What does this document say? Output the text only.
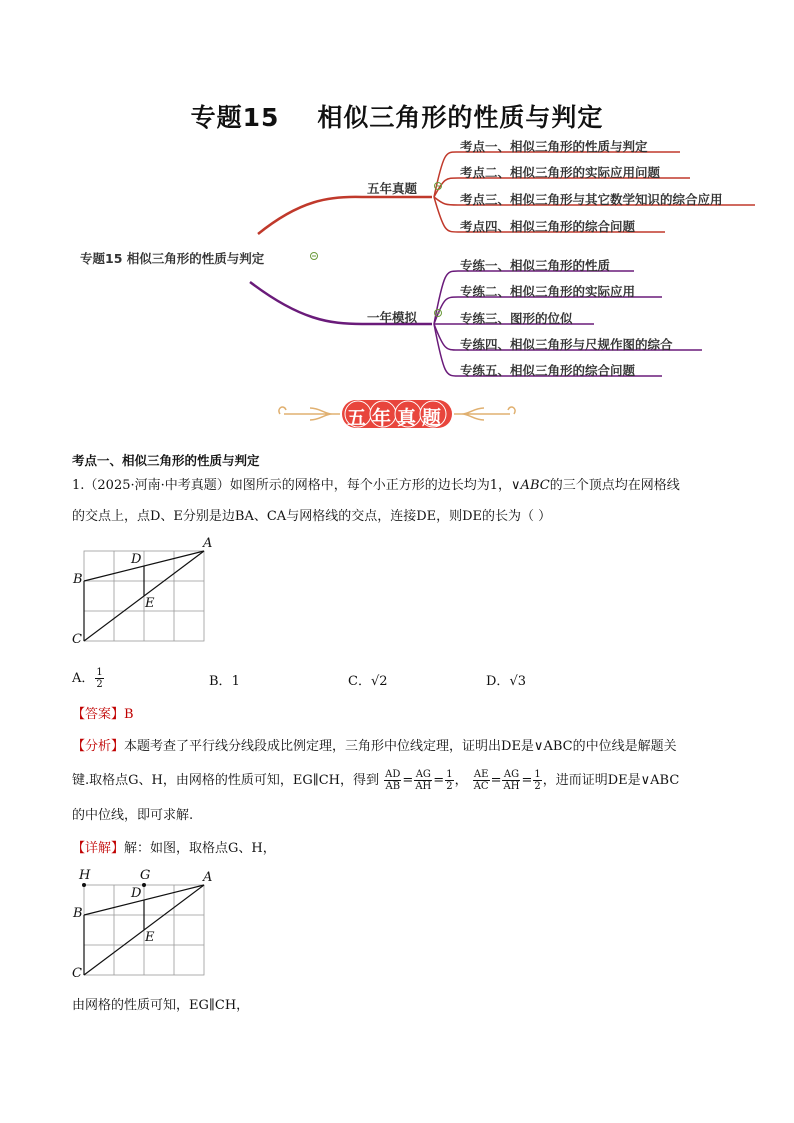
专题15 相似三角形的性质与判定
专题15 相似三角形的性质与判定
五年真题
一年模拟
考点一、相似三角形的性质与判定
考点二、相似三角形的实际应用问题
考点三、相似三角形与其它数学知识的综合应用
考点四、相似三角形的综合问题
专练一、相似三角形的性质
专练二、相似三角形的实际应用
专练三、图形的位似
专练四、相似三角形与尺规作图的综合
专练五、相似三角形的综合问题
五年真题
考点一、相似三角形的性质与判定
1.（2025·河南·中考真题）如图所示的网格中，每个小正方形的边长均为1，∨ABC的三个顶点均在网格线
的交点上，点D、E分别是边BA、CA与网格线的交点，连接DE，则DE的长为（ ）
A
B
C
D
E
A． $\frac{1}{2}$	B．1	C．√2	D．√3
【答案】B
【分析】本题考查了平行线分线段成比例定理，三角形中位线定理，证明出DE是∨ABC的中位线是解题关
键.取格点G、H，由网格的性质可知，EG∥CH，得到 $\frac{AD}{AB} = \frac{AG}{AH} = \frac{1}{2}$ ， $\frac{AE}{AC} = \frac{AG}{AH} = \frac{1}{2}$ ，进而证明DE是∨ABC
的中位线，即可求解.
【详解】解：如图，取格点G、H，
H	G	A
B
C
D
E
由网格的性质可知，EG∥CH，
